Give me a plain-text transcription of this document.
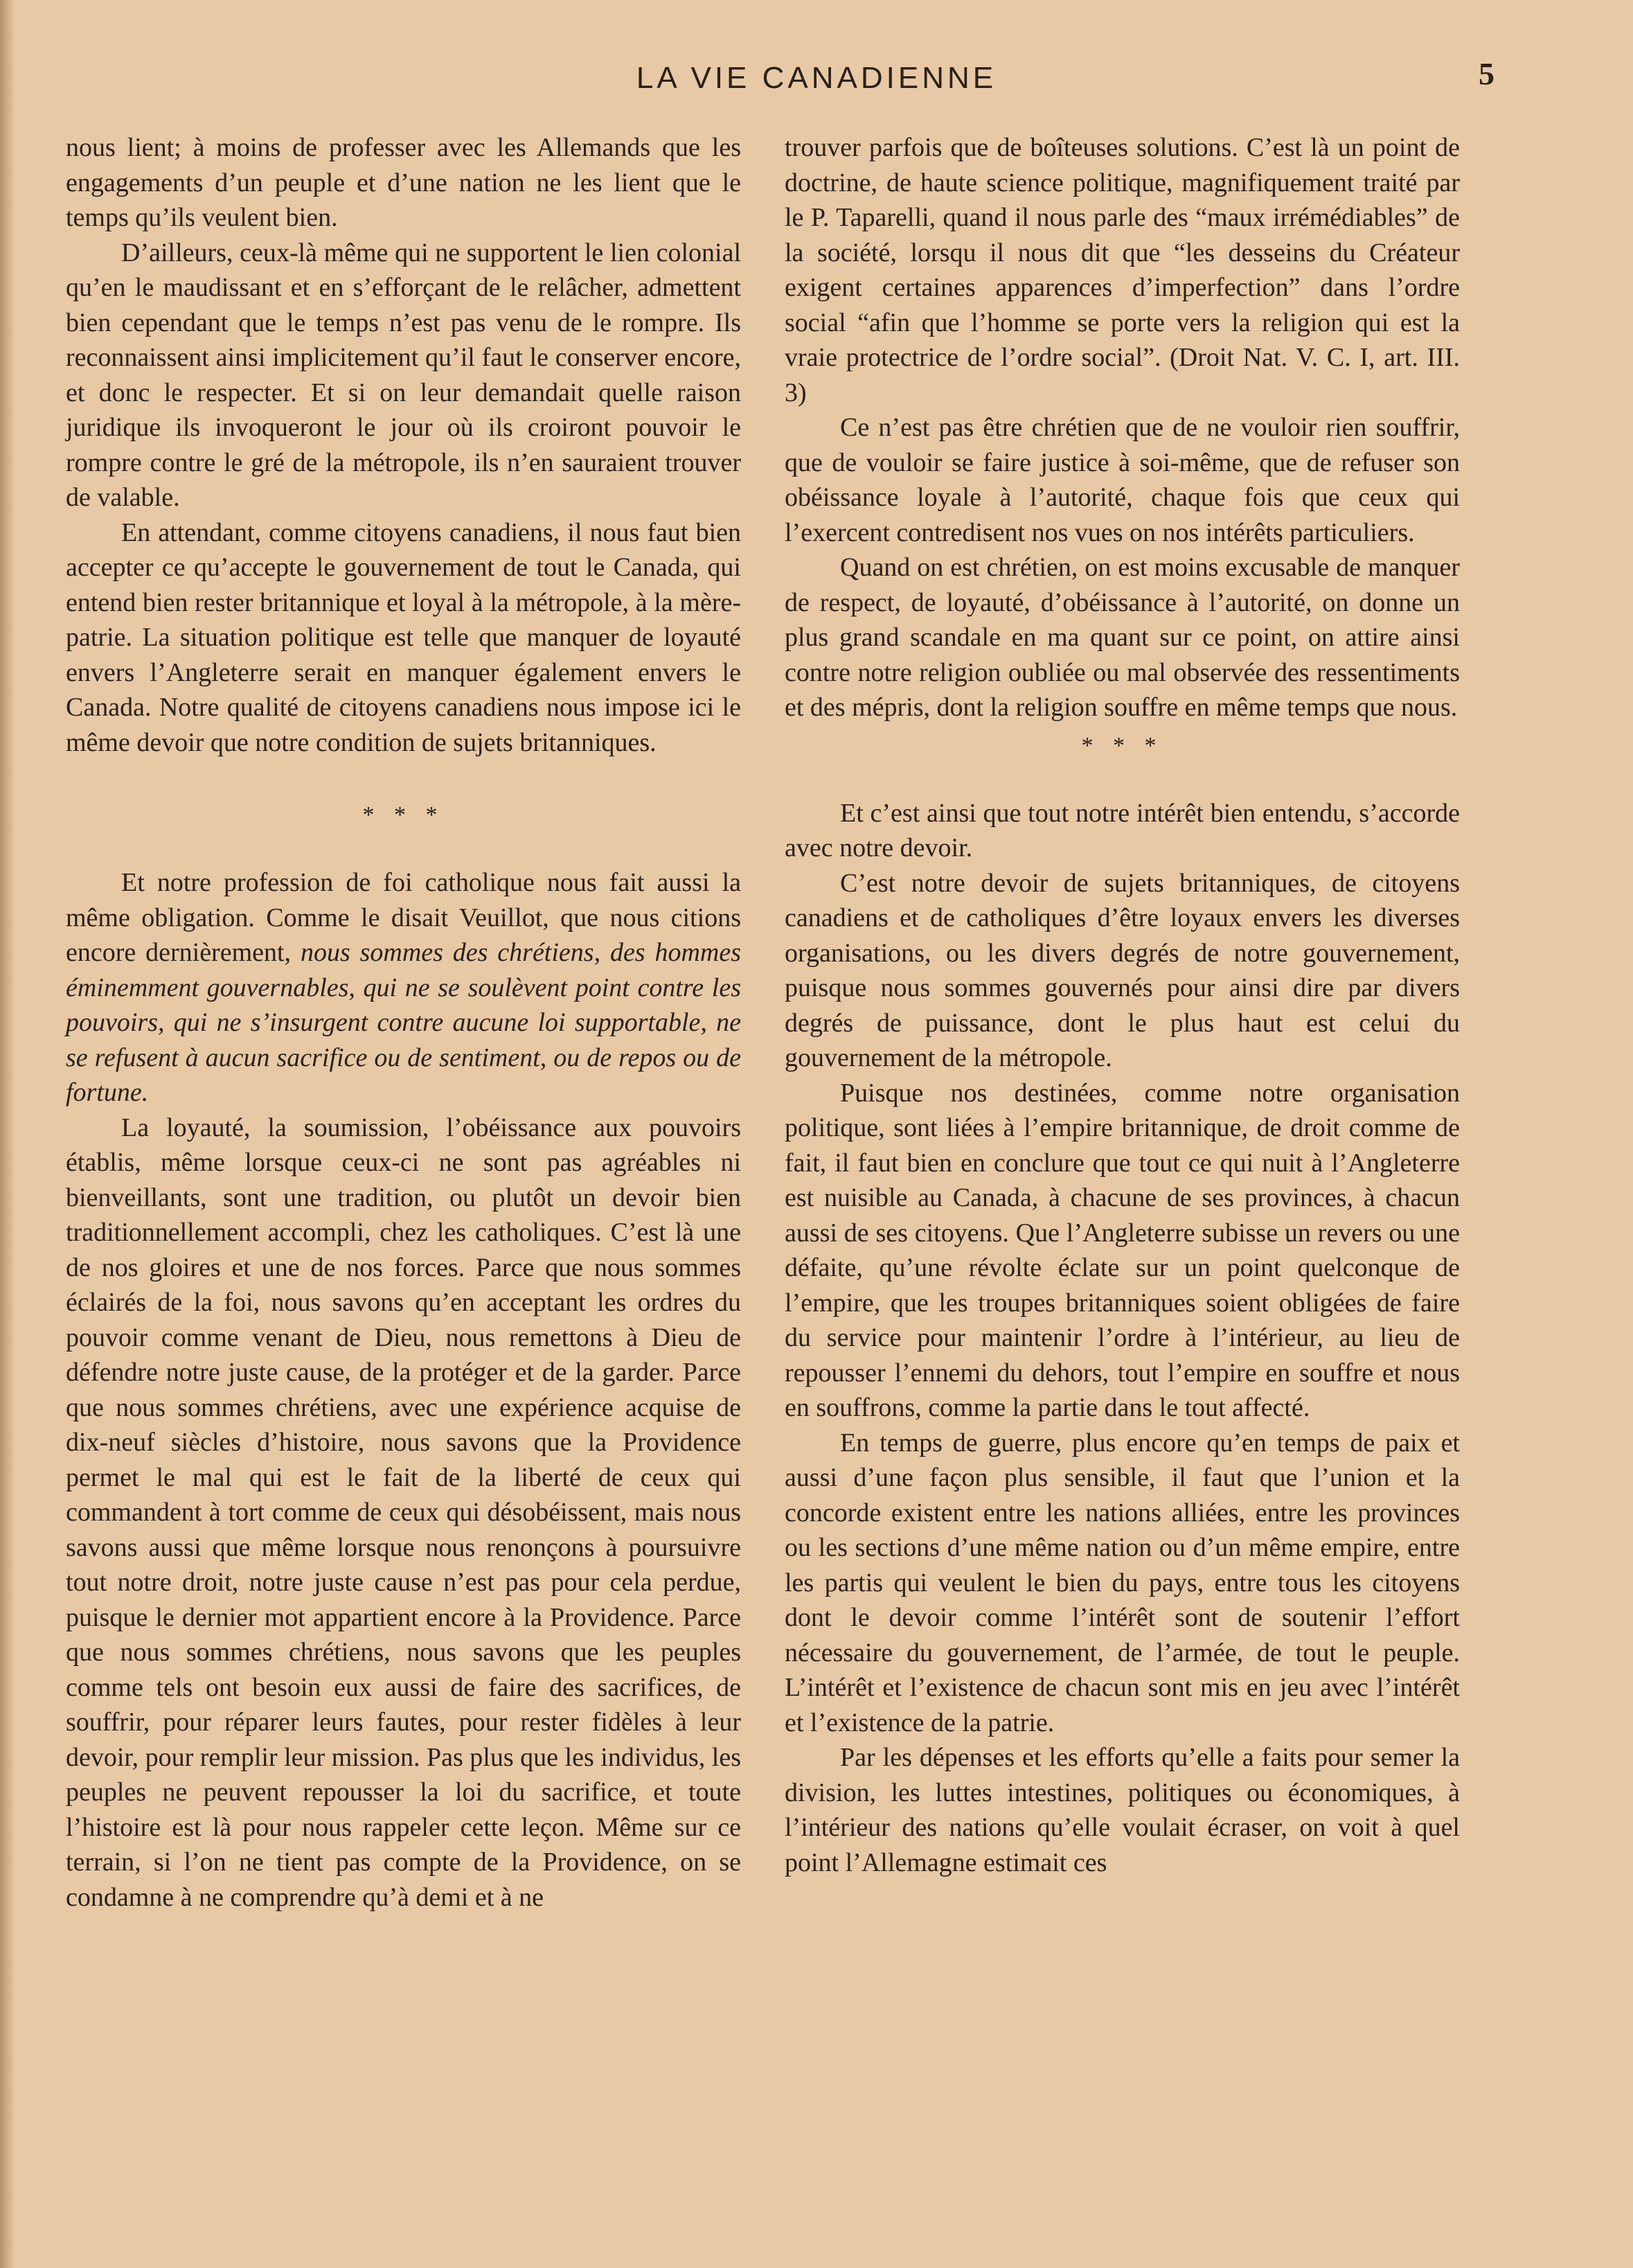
LA VIE CANADIENNE	5

nous lient; à moins de professer avec les Allemands que les engagements d’un peuple et d’une nation ne les lient que le temps qu’ils veulent bien.

D’ailleurs, ceux-là même qui ne supportent le lien colonial qu’en le maudissant et en s’efforçant de le relâcher, admettent bien cependant que le temps n’est pas venu de le rompre. Ils reconnaissent ainsi implicitement qu’il faut le conserver encore, et donc le respecter. Et si on leur demandait quelle raison juridique ils invoqueront le jour où ils croiront pouvoir le rompre contre le gré de la métropole, ils n’en sauraient trouver de valable.

En attendant, comme citoyens canadiens, il nous faut bien accepter ce qu’accepte le gouvernement de tout le Canada, qui entend bien rester britannique et loyal à la métropole, à la mère-patrie. La situation politique est telle que manquer de loyauté envers l’Angleterre serait en manquer également envers le Canada. Notre qualité de citoyens canadiens nous impose ici le même devoir que notre condition de sujets britanniques.

* * *

Et notre profession de foi catholique nous fait aussi la même obligation. Comme le disait Veuillot, que nous citions encore dernièrement, nous sommes des chrétiens, des hommes éminemment gouvernables, qui ne se soulèvent point contre les pouvoirs, qui ne s’insurgent contre aucune loi supportable, ne se refusent à aucun sacrifice ou de sentiment, ou de repos ou de fortune.

La loyauté, la soumission, l’obéissance aux pouvoirs établis, même lorsque ceux-ci ne sont pas agréables ni bienveillants, sont une tradition, ou plutôt un devoir bien traditionnellement accompli, chez les catholiques. C’est là une de nos gloires et une de nos forces. Parce que nous sommes éclairés de la foi, nous savons qu’en acceptant les ordres du pouvoir comme venant de Dieu, nous remettons à Dieu de défendre notre juste cause, de la protéger et de la garder. Parce que nous sommes chrétiens, avec une expérience acquise de dix-neuf siècles d’histoire, nous savons que la Providence permet le mal qui est le fait de la liberté de ceux qui commandent à tort comme de ceux qui désobéissent, mais nous savons aussi que même lorsque nous renonçons à poursuivre tout notre droit, notre juste cause n’est pas pour cela perdue, puisque le dernier mot appartient encore à la Providence. Parce que nous sommes chrétiens, nous savons que les peuples comme tels ont besoin eux aussi de faire des sacrifices, de souffrir, pour réparer leurs fautes, pour rester fidèles à leur devoir, pour remplir leur mission. Pas plus que les individus, les peuples ne peuvent repousser la loi du sacrifice, et toute l’histoire est là pour nous rappeler cette leçon. Même sur ce terrain, si l’on ne tient pas compte de la Providence, on se condamne à ne comprendre qu’à demi et à ne

trouver parfois que de boîteuses solutions. C’est là un point de doctrine, de haute science politique, magnifiquement traité par le P. Taparelli, quand il nous parle des “maux irrémédiables” de la société, lorsqu il nous dit que “les desseins du Créateur exigent certaines apparences d’imperfection” dans l’ordre social “afin que l’homme se porte vers la religion qui est la vraie protectrice de l’ordre social”. (Droit Nat. V. C. I, art. III. 3)

Ce n’est pas être chrétien que de ne vouloir rien souffrir, que de vouloir se faire justice à soi-même, que de refuser son obéissance loyale à l’autorité, chaque fois que ceux qui l’exercent contredisent nos vues on nos intérêts particuliers.

Quand on est chrétien, on est moins excusable de manquer de respect, de loyauté, d’obéissance à l’autorité, on donne un plus grand scandale en ma quant sur ce point, on attire ainsi contre notre religion oubliée ou mal observée des ressentiments et des mépris, dont la religion souffre en même temps que nous.

* * *

Et c’est ainsi que tout notre intérêt bien entendu, s’accorde avec notre devoir.

C’est notre devoir de sujets britanniques, de citoyens canadiens et de catholiques d’être loyaux envers les diverses organisations, ou les divers degrés de notre gouvernement, puisque nous sommes gouvernés pour ainsi dire par divers degrés de puissance, dont le plus haut est celui du gouvernement de la métropole.

Puisque nos destinées, comme notre organisation politique, sont liées à l’empire britannique, de droit comme de fait, il faut bien en conclure que tout ce qui nuit à l’Angleterre est nuisible au Canada, à chacune de ses provinces, à chacun aussi de ses citoyens. Que l’Angleterre subisse un revers ou une défaite, qu’une révolte éclate sur un point quelconque de l’empire, que les troupes britanniques soient obligées de faire du service pour maintenir l’ordre à l’intérieur, au lieu de repousser l’ennemi du dehors, tout l’empire en souffre et nous en souffrons, comme la partie dans le tout affecté.

En temps de guerre, plus encore qu’en temps de paix et aussi d’une façon plus sensible, il faut que l’union et la concorde existent entre les nations alliées, entre les provinces ou les sections d’une même nation ou d’un même empire, entre les partis qui veulent le bien du pays, entre tous les citoyens dont le devoir comme l’intérêt sont de soutenir l’effort nécessaire du gouvernement, de l’armée, de tout le peuple. L’intérêt et l’existence de chacun sont mis en jeu avec l’intérêt et l’existence de la patrie.

Par les dépenses et les efforts qu’elle a faits pour semer la division, les luttes intestines, politiques ou économiques, à l’intérieur des nations qu’elle voulait écraser, on voit à quel point l’Allemagne estimait ces
